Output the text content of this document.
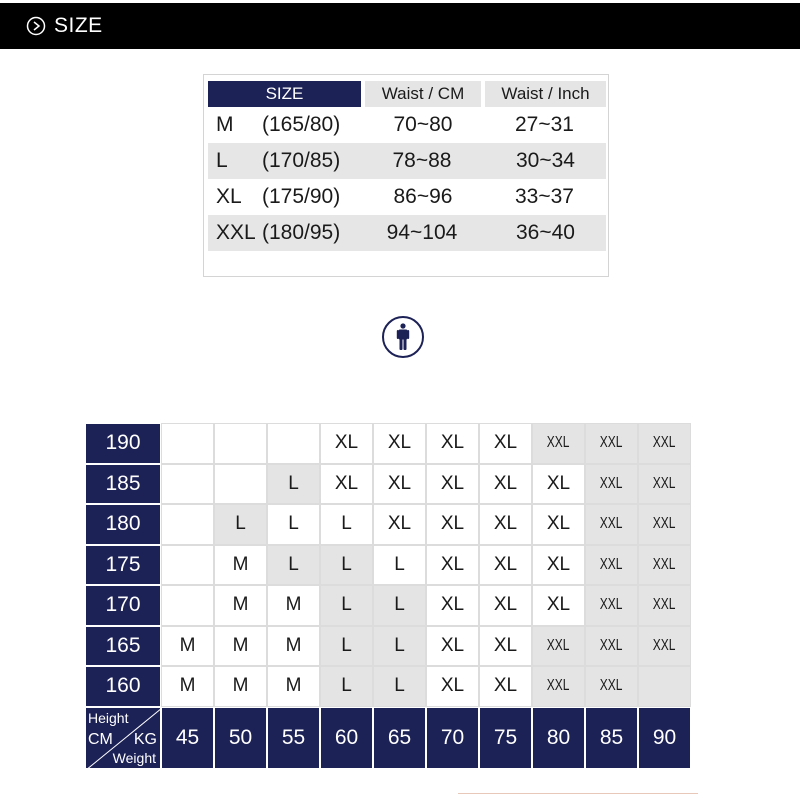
SIZE
SIZE	Waist / CM	Waist / Inch
M (165/80)	70~80	27~31
L (170/85)	78~88	30~34
XL (175/90)	86~96	33~37
XXL (180/95)	94~104	36~40
190				XL	XL	XL	XL	XXL	XXL	XXL
185			L	XL	XL	XL	XL	XL	XXL	XXL
180		L	L	L	XL	XL	XL	XL	XXL	XXL
175		M	L	L	L	XL	XL	XL	XXL	XXL
170		M	M	L	L	XL	XL	XL	XXL	XXL
165	M	M	M	L	L	XL	XL	XXL	XXL	XXL
160	M	M	M	L	L	XL	XL	XXL	XXL	

Height
CM KG
Weight	45	50	55	60	65	70	75	80	85	90
